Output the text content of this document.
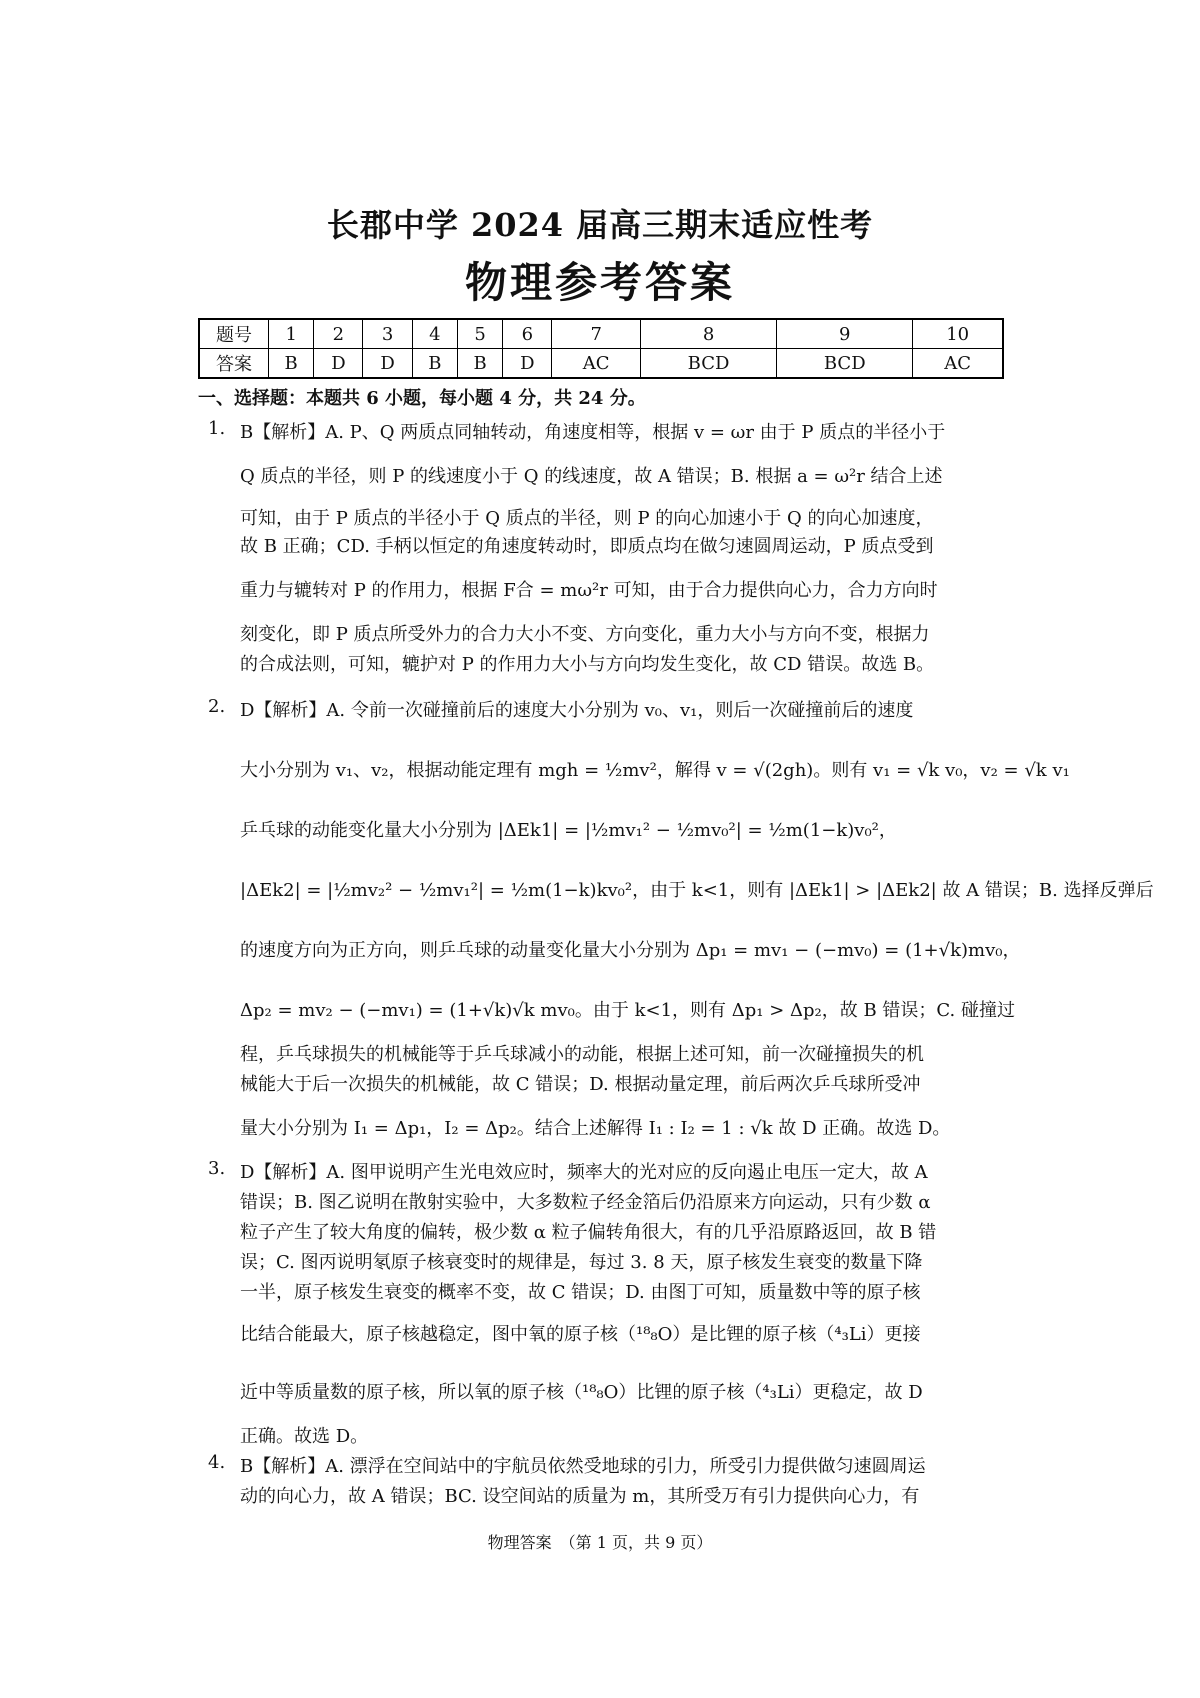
长郡中学 2024 届高三期末适应性考
物理参考答案
题号	1	2	3	4	5	6	7	8	9	10
答案	B	D	D	B	B	D	AC	BCD	BCD	AC
一、选择题：本题共 6 小题，每小题 4 分，共 24 分。
1. B【解析】A. P、Q 两质点同轴转动，角速度相等，根据 v = ωr 由于 P 质点的半径小于
Q 质点的半径，则 P 的线速度小于 Q 的线速度，故 A 错误；B. 根据 a = ω²r 结合上述
可知，由于 P 质点的半径小于 Q 质点的半径，则 P 的向心加速小于 Q 的向心加速度，
故 B 正确；CD. 手柄以恒定的角速度转动时，即质点均在做匀速圆周运动，P 质点受到
重力与辘转对 P 的作用力，根据 F合 = mω²r 可知，由于合力提供向心力，合力方向时
刻变化，即 P 质点所受外力的合力大小不变、方向变化，重力大小与方向不变，根据力
的合成法则，可知，辘护对 P 的作用力大小与方向均发生变化，故 CD 错误。故选 B。
2. D【解析】A. 令前一次碰撞前后的速度大小分别为 v₀、v₁，则后一次碰撞前后的速度
大小分别为 v₁、v₂，根据动能定理有 mgh = ½mv²，解得 v = √(2gh)。则有 v₁ = √k v₀，v₂ = √k v₁
乒乓球的动能变化量大小分别为 |ΔEk1| = |½mv₁² − ½mv₀²| = ½m(1−k)v₀²，
|ΔEk2| = |½mv₂² − ½mv₁²| = ½m(1−k)kv₀²，由于 k<1，则有 |ΔEk1| > |ΔEk2| 故 A 错误；B. 选择反弹后
的速度方向为正方向，则乒乓球的动量变化量大小分别为 Δp₁ = mv₁ − (−mv₀) = (1+√k)mv₀，
Δp₂ = mv₂ − (−mv₁) = (1+√k)√k mv₀。由于 k<1，则有 Δp₁ > Δp₂，故 B 错误；C. 碰撞过
程，乒乓球损失的机械能等于乒乓球减小的动能，根据上述可知，前一次碰撞损失的机
械能大于后一次损失的机械能，故 C 错误；D. 根据动量定理，前后两次乒乓球所受冲
量大小分别为 I₁ = Δp₁，I₂ = Δp₂。结合上述解得 I₁ : I₂ = 1 : √k 故 D 正确。故选 D。
3. D【解析】A. 图甲说明产生光电效应时，频率大的光对应的反向遏止电压一定大，故 A
错误；B. 图乙说明在散射实验中，大多数粒子经金箔后仍沿原来方向运动，只有少数 α
粒子产生了较大角度的偏转，极少数 α 粒子偏转角很大，有的几乎沿原路返回，故 B 错
误；C. 图丙说明氡原子核衰变时的规律是，每过 3. 8 天，原子核发生衰变的数量下降
一半，原子核发生衰变的概率不变，故 C 错误；D. 由图丁可知，质量数中等的原子核
比结合能最大，原子核越稳定，图中氧的原子核（¹⁸₈O）是比锂的原子核（⁴₃Li）更接
近中等质量数的原子核，所以氧的原子核（¹⁸₈O）比锂的原子核（⁴₃Li）更稳定，故 D
正确。故选 D。
4. B【解析】A. 漂浮在空间站中的宇航员依然受地球的引力，所受引力提供做匀速圆周运
动的向心力，故 A 错误；BC. 设空间站的质量为 m，其所受万有引力提供向心力，有
物理答案　（第 1 页，共 9 页）
